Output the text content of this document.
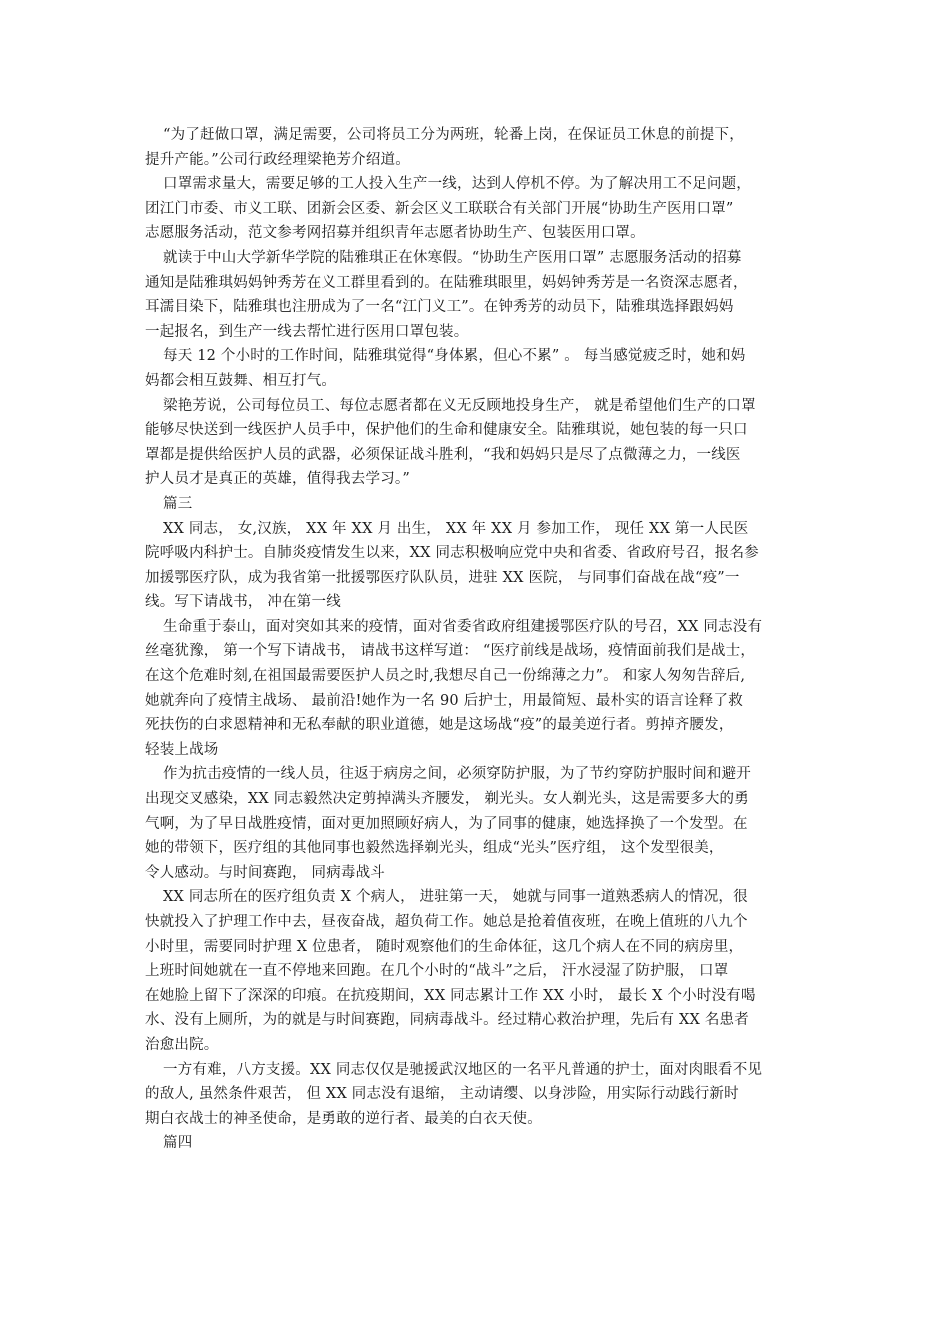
“为了赶做口罩，满足需要，公司将员工分为两班，轮番上岗，在保证员工休息的前提下，
提升产能。”公司行政经理梁艳芳介绍道。
口罩需求量大，需要足够的工人投入生产一线，达到人停机不停。为了解决用工不足问题，
团江门市委、市义工联、团新会区委、新会区义工联联合有关部门开展“协助生产医用口罩”
志愿服务活动，范文参考网招募并组织青年志愿者协助生产、包装医用口罩。
就读于中山大学新华学院的陆雅琪正在休寒假。“协助生产医用口罩” 志愿服务活动的招募
通知是陆雅琪妈妈钟秀芳在义工群里看到的。在陆雅琪眼里，妈妈钟秀芳是一名资深志愿者，
耳濡目染下，陆雅琪也注册成为了一名“江门义工”。在钟秀芳的动员下，陆雅琪选择跟妈妈
一起报名，到生产一线去帮忙进行医用口罩包装。
每天 12 个小时的工作时间，陆雅琪觉得“身体累，但心不累” 。 每当感觉疲乏时，她和妈
妈都会相互鼓舞、相互打气。
梁艳芳说，公司每位员工、每位志愿者都在义无反顾地投身生产， 就是希望他们生产的口罩
能够尽快送到一线医护人员手中，保护他们的生命和健康安全。陆雅琪说，她包装的每一只口
罩都是提供给医护人员的武器，必须保证战斗胜利，“我和妈妈只是尽了点微薄之力，一线医
护人员才是真正的英雄，值得我去学习。”
篇三
XX 同志， 女,汉族， XX 年 XX 月 出生， XX 年 XX 月 参加工作， 现任 XX 第一人民医
院呼吸内科护士。自肺炎疫情发生以来，XX 同志积极响应党中央和省委、省政府号召，报名参
加援鄂医疗队，成为我省第一批援鄂医疗队队员，进驻 XX 医院， 与同事们奋战在战“疫”一
线。写下请战书， 冲在第一线
生命重于泰山，面对突如其来的疫情，面对省委省政府组建援鄂医疗队的号召，XX 同志没有
丝毫犹豫， 第一个写下请战书， 请战书这样写道： “医疗前线是战场，疫情面前我们是战士，
在这个危难时刻,在祖国最需要医护人员之时,我想尽自己一份绵薄之力”。 和家人匆匆告辞后,
她就奔向了疫情主战场、 最前沿!她作为一名 90 后护士，用最简短、最朴实的语言诠释了救
死扶伤的白求恩精神和无私奉献的职业道德，她是这场战“疫”的最美逆行者。剪掉齐腰发，
轻装上战场
作为抗击疫情的一线人员，往返于病房之间，必须穿防护服，为了节约穿防护服时间和避开
出现交叉感染，XX 同志毅然决定剪掉满头齐腰发， 剃光头。女人剃光头，这是需要多大的勇
气啊，为了早日战胜疫情，面对更加照顾好病人，为了同事的健康，她选择换了一个发型。在
她的带领下，医疗组的其他同事也毅然选择剃光头，组成“光头”医疗组， 这个发型很美，
令人感动。与时间赛跑， 同病毒战斗
XX 同志所在的医疗组负责 X 个病人， 进驻第一天， 她就与同事一道熟悉病人的情况，很
快就投入了护理工作中去，昼夜奋战，超负荷工作。她总是抢着值夜班，在晚上值班的八九个
小时里，需要同时护理 X 位患者， 随时观察他们的生命体征，这几个病人在不同的病房里，
上班时间她就在一直不停地来回跑。在几个小时的“战斗”之后， 汗水浸湿了防护服， 口罩
在她脸上留下了深深的印痕。在抗疫期间，XX 同志累计工作 XX 小时， 最长 X 个小时没有喝
水、没有上厕所，为的就是与时间赛跑，同病毒战斗。经过精心救治护理，先后有 XX 名患者
治愈出院。
一方有难，八方支援。XX 同志仅仅是驰援武汉地区的一名平凡普通的护士，面对肉眼看不见
的敌人, 虽然条件艰苦， 但 XX 同志没有退缩， 主动请缨、以身涉险，用实际行动践行新时
期白衣战士的神圣使命，是勇敢的逆行者、最美的白衣天使。
篇四
